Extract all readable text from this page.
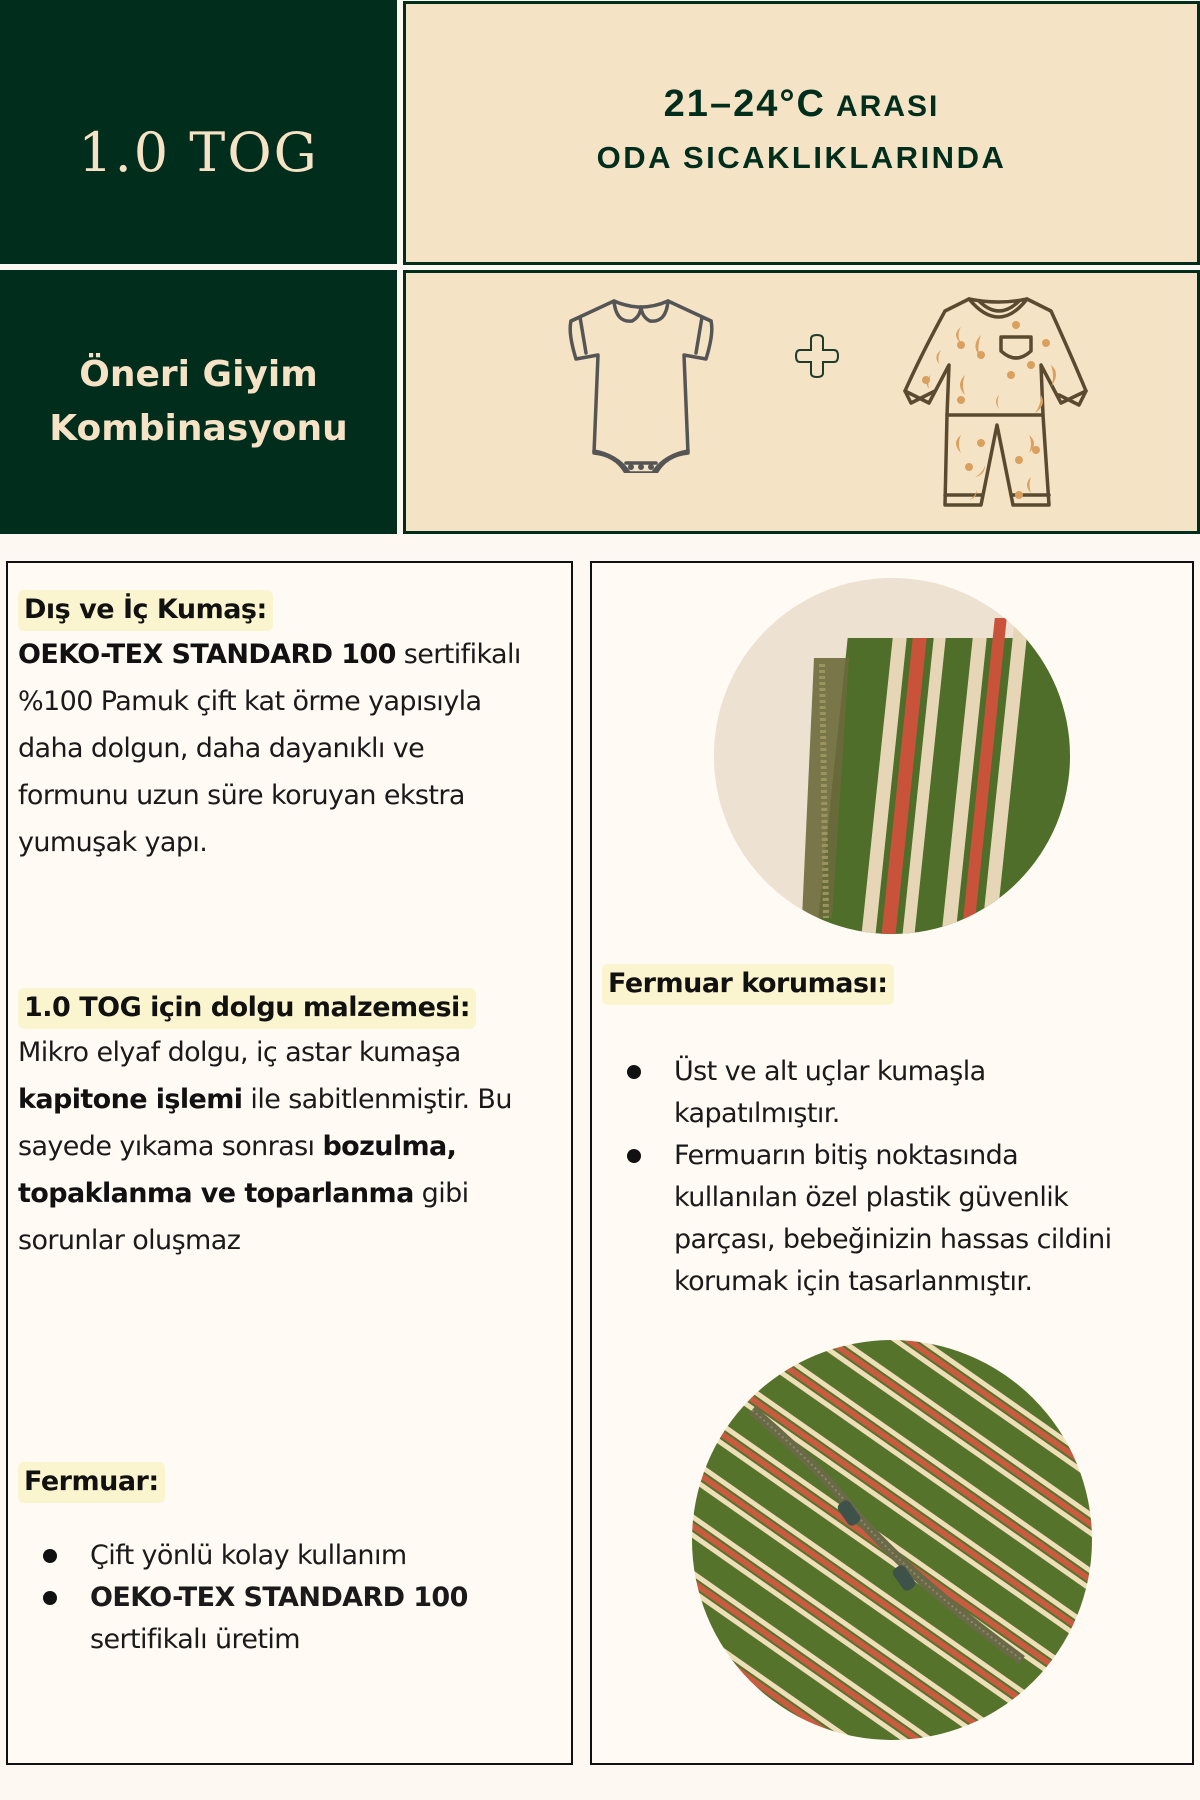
1.0 TOG
21–24°C ARASI
ODA SICAKLIKLARINDA
Öneri Giyim
Kombinasyonu
Dış ve İç Kumaş:
OEKO-TEX STANDARD 100 sertifikalı
%100 Pamuk çift kat örme yapısıyla
daha dolgun, daha dayanıklı ve
formunu uzun süre koruyan ekstra
yumuşak yapı.
1.0 TOG için dolgu malzemesi:
Mikro elyaf dolgu, iç astar kumaşa
kapitone işlemi ile sabitlenmiştir. Bu
sayede yıkama sonrası bozulma,
topaklanma ve toparlanma gibi
sorunlar oluşmaz
Fermuar:
Çift yönlü kolay kullanım
OEKO-TEX STANDARD 100
sertifikalı üretim
Fermuar koruması:
Üst ve alt uçlar kumaşla
kapatılmıştır.
Fermuarın bitiş noktasında
kullanılan özel plastik güvenlik
parçası, bebeğinizin hassas cildini
korumak için tasarlanmıştır.
